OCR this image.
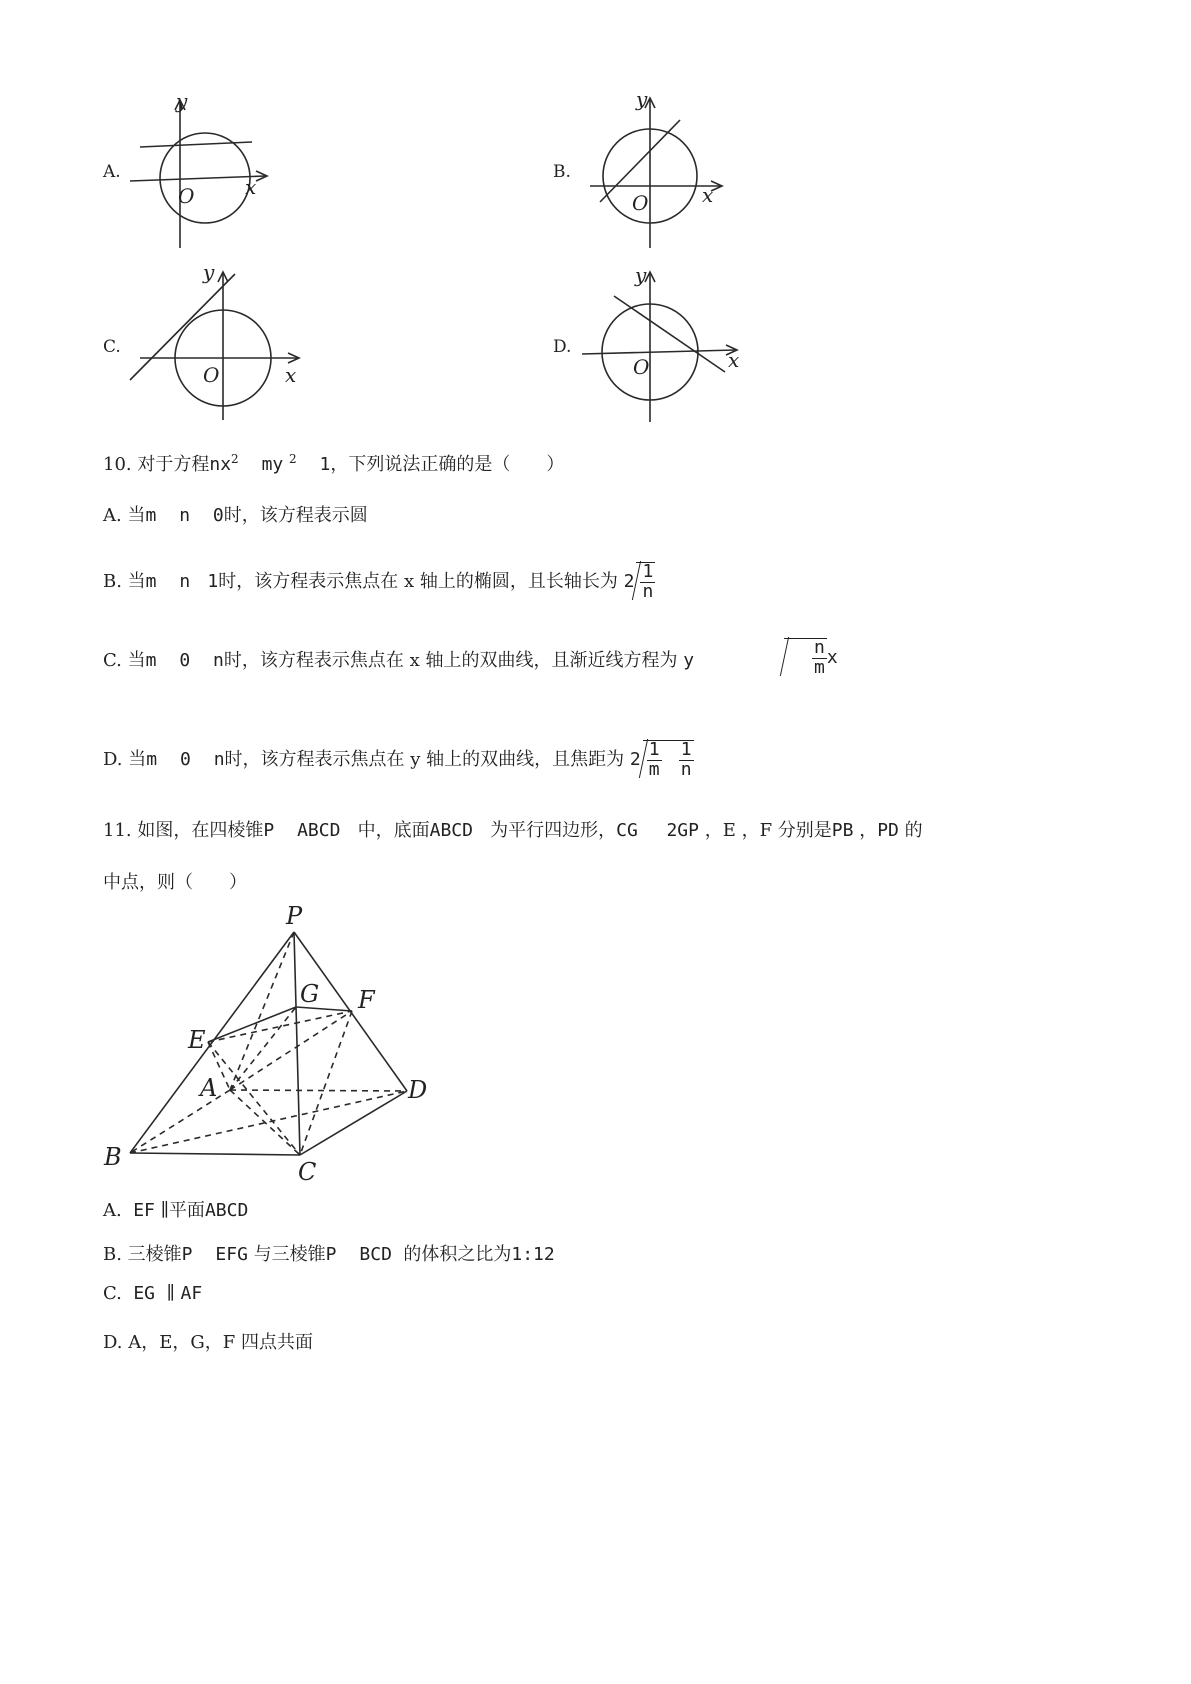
A.
O	x
y
B.
O	x
y
C.
O	x
y
D.
O	x
y
10. 对于方程$nx^2$ my $^2$ 1，下列说法正确的是（　　）
A. 当m n 0时，该方程表示圆
B. 当m n 1时，该方程表示焦点在 x 轴上的椭圆，且长轴长为 $2 \frac{1}{n}$
C. 当m 0 n时，该方程表示焦点在 x 轴上的双曲线，且渐近线方程为 y	$\frac{n}{m}$ x
D. 当m 0 n时，该方程表示焦点在 y 轴上的双曲线，且焦距为 $2 \frac{1}{m}$
$\frac{1}{n}$
11. 如图，在四棱锥P ABCD 中，底面ABCD 为平行四边形，CG 2GP ，E ，F 分别是PB ，PD 的
中点，则（　　）
P
G F
E
A	D
B
C
A.  EF ∥平面ABCD
B. 三棱锥P EFG 与三棱锥P BCD 的体积之比为1:12
C.  EG ∥ AF
D. A，E，G，F 四点共面
